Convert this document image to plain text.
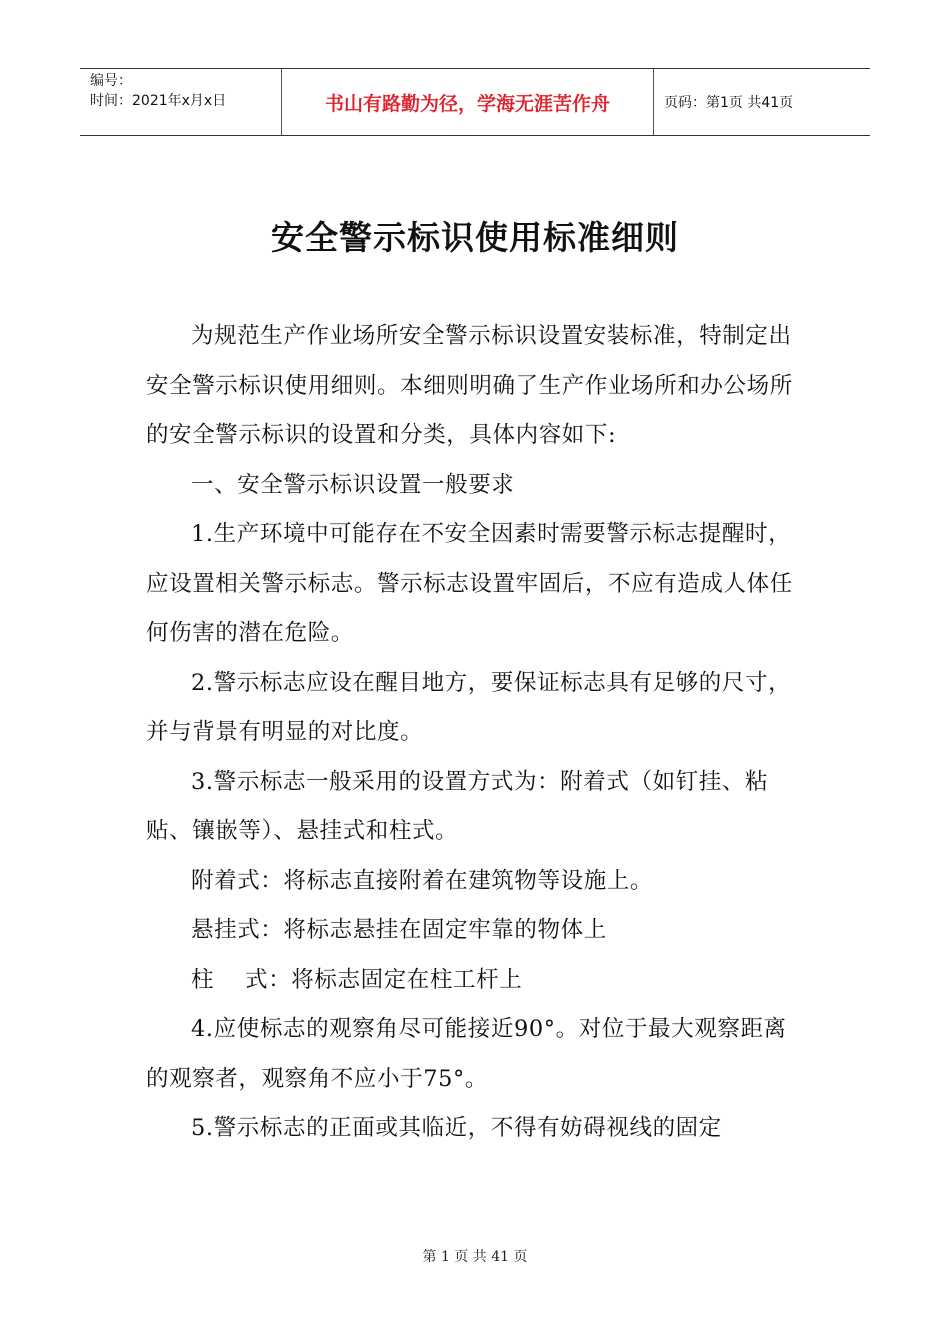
编号：
时间：2021年x月x日	书山有路勤为径，学海无涯苦作舟	页码：第1页 共41页
安全警示标识使用标准细则

为规范生产作业场所安全警示标识设置安装标准，特制定出安全警示标识使用细则。本细则明确了生产作业场所和办公场所的安全警示标识的设置和分类，具体内容如下:

一、安全警示标识设置一般要求

1.生产环境中可能存在不安全因素时需要警示标志提醒时，应设置相关警示标志。警示标志设置牢固后，不应有造成人体任何伤害的潜在危险。

2.警示标志应设在醒目地方，要保证标志具有足够的尺寸，并与背景有明显的对比度。

3.警示标志一般采用的设置方式为：附着式（如钉挂、粘贴、镶嵌等）、悬挂式和柱式。

附着式：将标志直接附着在建筑物等设施上。

悬挂式：将标志悬挂在固定牢靠的物体上

柱    式：将标志固定在柱工杆上

4.应使标志的观察角尽可能接近90°。对位于最大观察距离的观察者，观察角不应小于75°。

5.警示标志的正面或其临近，不得有妨碍视线的固定

第 1 页 共 41 页
